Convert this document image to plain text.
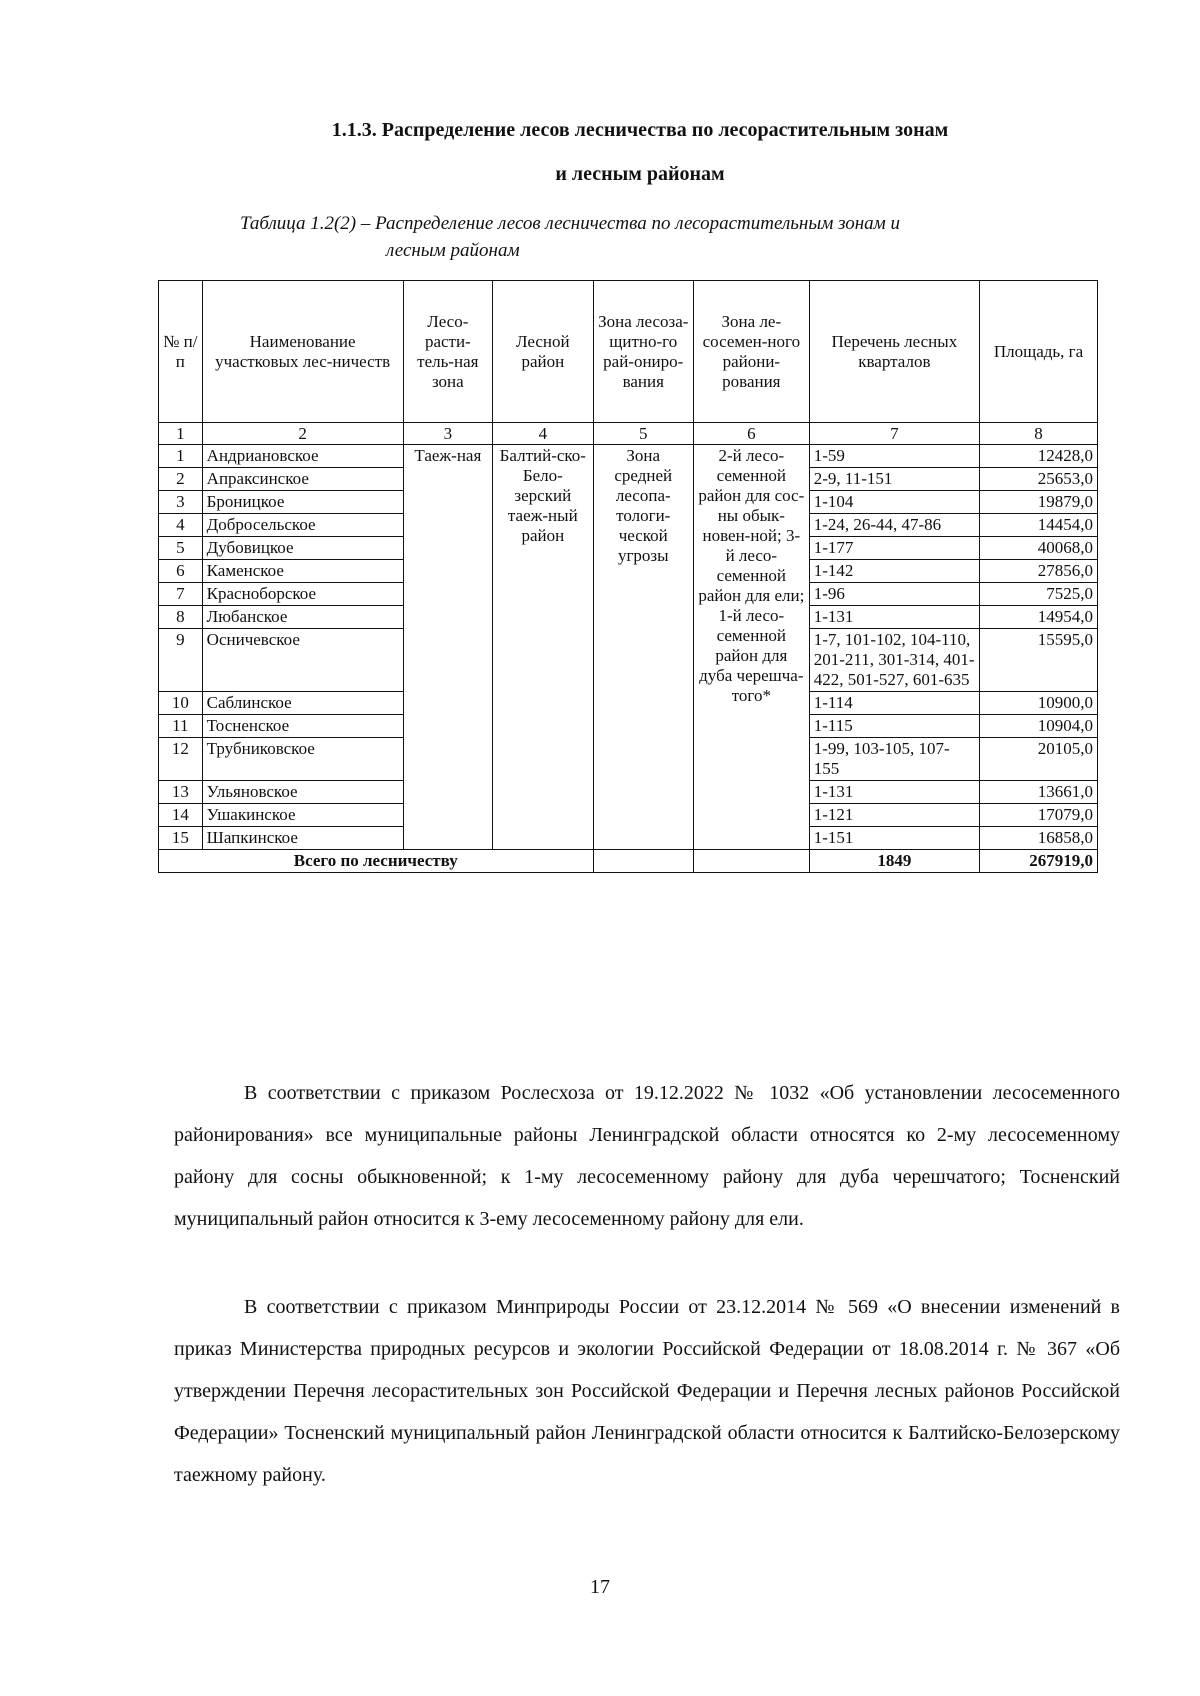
1.1.3. Распределение лесов лесничества по лесорастительным зонам
и лесным районам
Таблица 1.2(2) – Распределение лесов лесничества по лесорастительным зонам и
лесным районам
№ п/п	Наименование участковых лес-ничеств	Лесо-расти-тель-ная зона	Лесной район	Зона лесоза-щитно-го рай-ониро-вания	Зона ле-сосемен-ного райони-рования	Перечень лесных кварталов	Площадь, га
1	2	3	4	5	6	7	8
1	Андриановское	Таеж-ная	Балтий-ско-Бело-зерский таеж-ный район	Зона средней лесопа-тологи-ческой угрозы	2-й лесо-семенной район для сос-ны обык-новен-ной; 3-й лесо-семенной район для ели; 1-й лесо-семенной район для дуба черешча-того*	1-59	12428,0
2	Апраксинское					2-9, 11-151	25653,0
3	Броницкое					1-104	19879,0
4	Добросельское					1-24, 26-44, 47-86	14454,0
5	Дубовицкое					1-177	40068,0
6	Каменское					1-142	27856,0
7	Красноборское					1-96	7525,0
8	Любанское					1-131	14954,0
9	Осничевское					1-7, 101-102, 104-110, 201-211, 301-314, 401-422, 501-527, 601-635	15595,0
10	Саблинское					1-114	10900,0
11	Тосненское					1-115	10904,0
12	Трубниковское					1-99, 103-105, 107-155	20105,0
13	Ульяновское					1-131	13661,0
14	Ушакинское					1-121	17079,0
15	Шапкинское					1-151	16858,0
Всего по лесничеству						1849	267919,0

В соответствии с приказом Рослесхоза от 19.12.2022 № 1032 «Об установлении лесосеменного районирования» все муниципальные районы Ленинградской области относятся ко 2-му лесосеменному району для сосны обыкновенной; к 1-му лесосеменному району для дуба черешчатого; Тосненский муниципальный район относится к 3-ему лесосеменному району для ели.

В соответствии с приказом Минприроды России от 23.12.2014 № 569 «О внесении изменений в приказ Министерства природных ресурсов и экологии Российской Федерации от 18.08.2014 г. № 367 «Об утверждении Перечня лесорастительных зон Российской Федерации и Перечня лесных районов Российской Федерации» Тосненский муниципальный район Ленинградской области относится к Балтийско-Белозерскому таежному району.

17
